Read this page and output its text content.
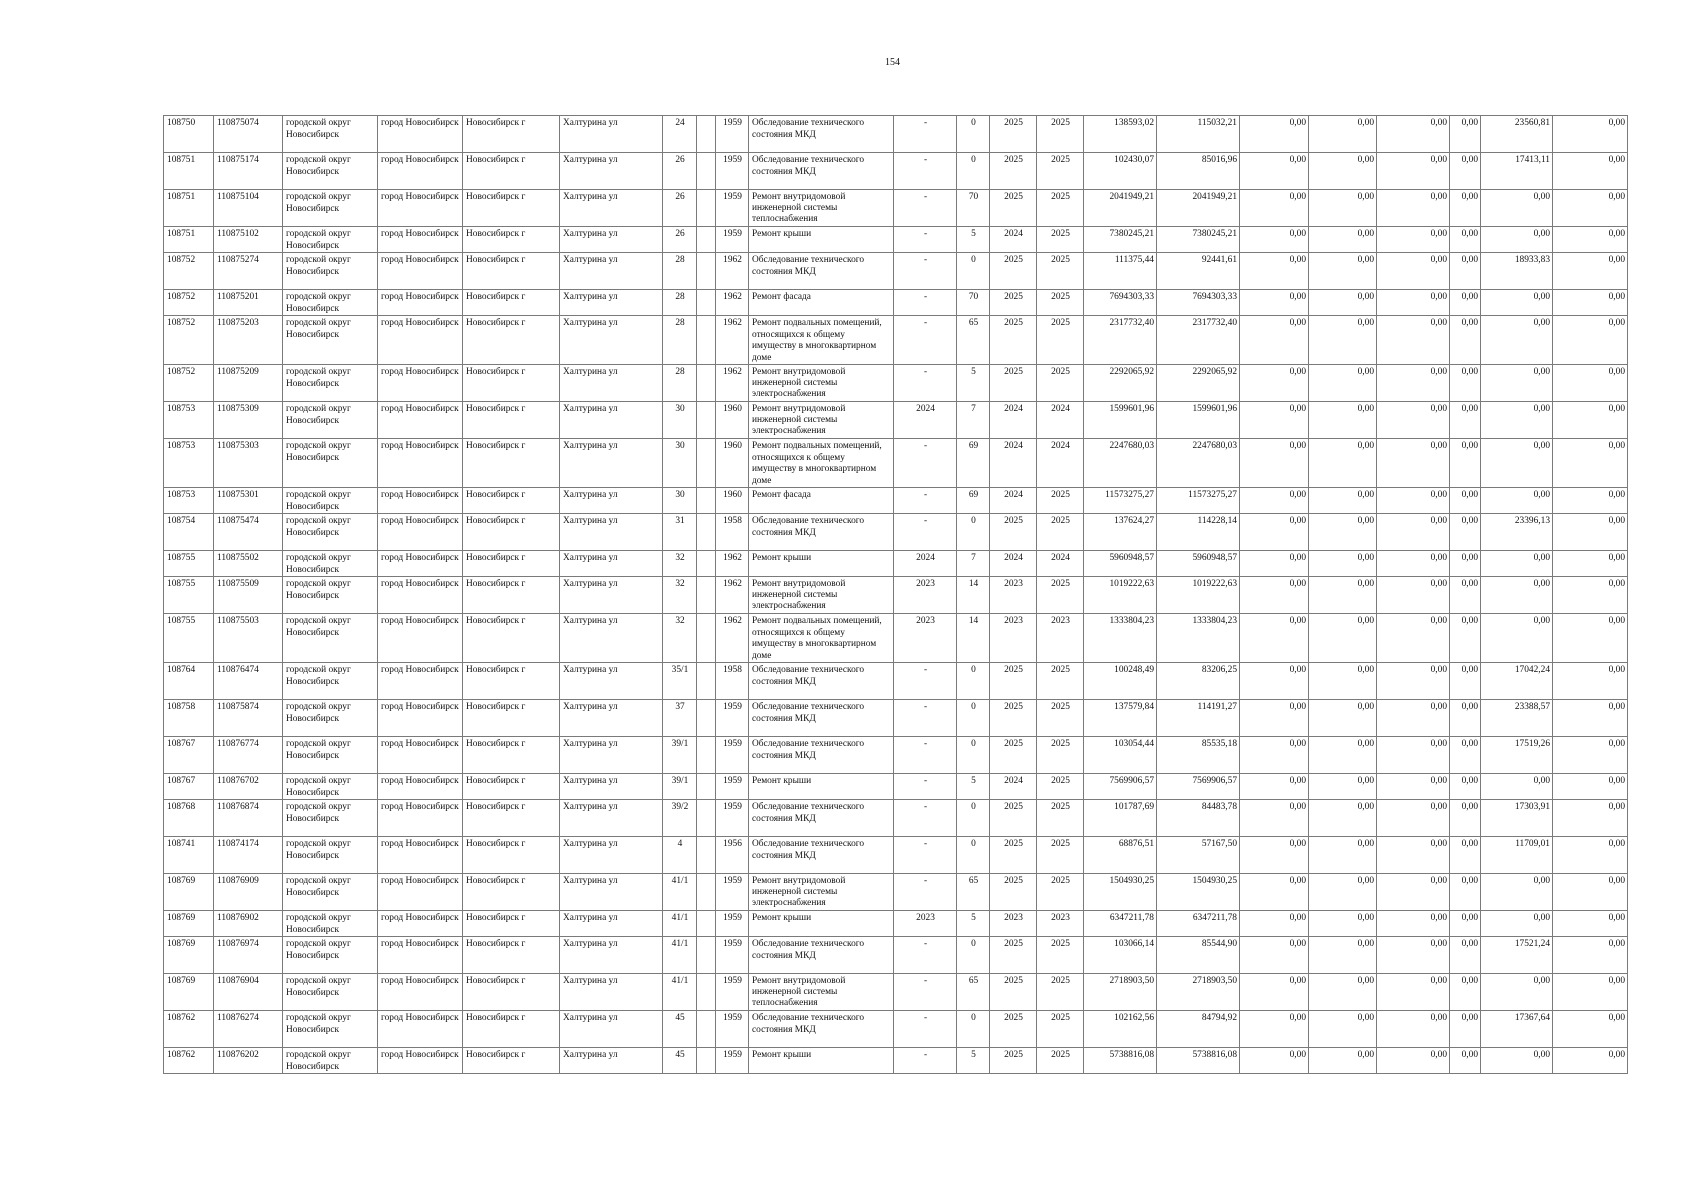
154
108750	110875074	городской округ Новосибирск	город Новосибирск	Новосибирск г	Халтурина ул	24		1959	Обследование технического состояния МКД	-	0	2025	2025	138593,02	115032,21	0,00	0,00	0,00	0,00	23560,81	0,00
108751	110875174	городской округ Новосибирск	город Новосибирск	Новосибирск г	Халтурина ул	26		1959	Обследование технического состояния МКД	-	0	2025	2025	102430,07	85016,96	0,00	0,00	0,00	0,00	17413,11	0,00
108751	110875104	городской округ Новосибирск	город Новосибирск	Новосибирск г	Халтурина ул	26		1959	Ремонт внутридомовой инженерной системы теплоснабжения	-	70	2025	2025	2041949,21	2041949,21	0,00	0,00	0,00	0,00	0,00	0,00
108751	110875102	городской округ Новосибирск	город Новосибирск	Новосибирск г	Халтурина ул	26		1959	Ремонт крыши	-	5	2024	2025	7380245,21	7380245,21	0,00	0,00	0,00	0,00	0,00	0,00
108752	110875274	городской округ Новосибирск	город Новосибирск	Новосибирск г	Халтурина ул	28		1962	Обследование технического состояния МКД	-	0	2025	2025	111375,44	92441,61	0,00	0,00	0,00	0,00	18933,83	0,00
108752	110875201	городской округ Новосибирск	город Новосибирск	Новосибирск г	Халтурина ул	28		1962	Ремонт фасада	-	70	2025	2025	7694303,33	7694303,33	0,00	0,00	0,00	0,00	0,00	0,00
108752	110875203	городской округ Новосибирск	город Новосибирск	Новосибирск г	Халтурина ул	28		1962	Ремонт подвальных помещений, относящихся к общему имуществу в многоквартирном доме	-	65	2025	2025	2317732,40	2317732,40	0,00	0,00	0,00	0,00	0,00	0,00
108752	110875209	городской округ Новосибирск	город Новосибирск	Новосибирск г	Халтурина ул	28		1962	Ремонт внутридомовой инженерной системы электроснабжения	-	5	2025	2025	2292065,92	2292065,92	0,00	0,00	0,00	0,00	0,00	0,00
108753	110875309	городской округ Новосибирск	город Новосибирск	Новосибирск г	Халтурина ул	30		1960	Ремонт внутридомовой инженерной системы электроснабжения	2024	7	2024	2024	1599601,96	1599601,96	0,00	0,00	0,00	0,00	0,00	0,00
108753	110875303	городской округ Новосибирск	город Новосибирск	Новосибирск г	Халтурина ул	30		1960	Ремонт подвальных помещений, относящихся к общему имуществу в многоквартирном доме	-	69	2024	2024	2247680,03	2247680,03	0,00	0,00	0,00	0,00	0,00	0,00
108753	110875301	городской округ Новосибирск	город Новосибирск	Новосибирск г	Халтурина ул	30		1960	Ремонт фасада	-	69	2024	2025	11573275,27	11573275,27	0,00	0,00	0,00	0,00	0,00	0,00
108754	110875474	городской округ Новосибирск	город Новосибирск	Новосибирск г	Халтурина ул	31		1958	Обследование технического состояния МКД	-	0	2025	2025	137624,27	114228,14	0,00	0,00	0,00	0,00	23396,13	0,00
108755	110875502	городской округ Новосибирск	город Новосибирск	Новосибирск г	Халтурина ул	32		1962	Ремонт крыши	2024	7	2024	2024	5960948,57	5960948,57	0,00	0,00	0,00	0,00	0,00	0,00
108755	110875509	городской округ Новосибирск	город Новосибирск	Новосибирск г	Халтурина ул	32		1962	Ремонт внутридомовой инженерной системы электроснабжения	2023	14	2023	2025	1019222,63	1019222,63	0,00	0,00	0,00	0,00	0,00	0,00
108755	110875503	городской округ Новосибирск	город Новосибирск	Новосибирск г	Халтурина ул	32		1962	Ремонт подвальных помещений, относящихся к общему имуществу в многоквартирном доме	2023	14	2023	2023	1333804,23	1333804,23	0,00	0,00	0,00	0,00	0,00	0,00
108764	110876474	городской округ Новосибирск	город Новосибирск	Новосибирск г	Халтурина ул	35/1		1958	Обследование технического состояния МКД	-	0	2025	2025	100248,49	83206,25	0,00	0,00	0,00	0,00	17042,24	0,00
108758	110875874	городской округ Новосибирск	город Новосибирск	Новосибирск г	Халтурина ул	37		1959	Обследование технического состояния МКД	-	0	2025	2025	137579,84	114191,27	0,00	0,00	0,00	0,00	23388,57	0,00
108767	110876774	городской округ Новосибирск	город Новосибирск	Новосибирск г	Халтурина ул	39/1		1959	Обследование технического состояния МКД	-	0	2025	2025	103054,44	85535,18	0,00	0,00	0,00	0,00	17519,26	0,00
108767	110876702	городской округ Новосибирск	город Новосибирск	Новосибирск г	Халтурина ул	39/1		1959	Ремонт крыши	-	5	2024	2025	7569906,57	7569906,57	0,00	0,00	0,00	0,00	0,00	0,00
108768	110876874	городской округ Новосибирск	город Новосибирск	Новосибирск г	Халтурина ул	39/2		1959	Обследование технического состояния МКД	-	0	2025	2025	101787,69	84483,78	0,00	0,00	0,00	0,00	17303,91	0,00
108741	110874174	городской округ Новосибирск	город Новосибирск	Новосибирск г	Халтурина ул	4		1956	Обследование технического состояния МКД	-	0	2025	2025	68876,51	57167,50	0,00	0,00	0,00	0,00	11709,01	0,00
108769	110876909	городской округ Новосибирск	город Новосибирск	Новосибирск г	Халтурина ул	41/1		1959	Ремонт внутридомовой инженерной системы электроснабжения	-	65	2025	2025	1504930,25	1504930,25	0,00	0,00	0,00	0,00	0,00	0,00
108769	110876902	городской округ Новосибирск	город Новосибирск	Новосибирск г	Халтурина ул	41/1		1959	Ремонт крыши	2023	5	2023	2023	6347211,78	6347211,78	0,00	0,00	0,00	0,00	0,00	0,00
108769	110876974	городской округ Новосибирск	город Новосибирск	Новосибирск г	Халтурина ул	41/1		1959	Обследование технического состояния МКД	-	0	2025	2025	103066,14	85544,90	0,00	0,00	0,00	0,00	17521,24	0,00
108769	110876904	городской округ Новосибирск	город Новосибирск	Новосибирск г	Халтурина ул	41/1		1959	Ремонт внутридомовой инженерной системы теплоснабжения	-	65	2025	2025	2718903,50	2718903,50	0,00	0,00	0,00	0,00	0,00	0,00
108762	110876274	городской округ Новосибирск	город Новосибирск	Новосибирск г	Халтурина ул	45		1959	Обследование технического состояния МКД	-	0	2025	2025	102162,56	84794,92	0,00	0,00	0,00	0,00	17367,64	0,00
108762	110876202	городской округ Новосибирск	город Новосибирск	Новосибирск г	Халтурина ул	45		1959	Ремонт крыши	-	5	2025	2025	5738816,08	5738816,08	0,00	0,00	0,00	0,00	0,00	0,00
